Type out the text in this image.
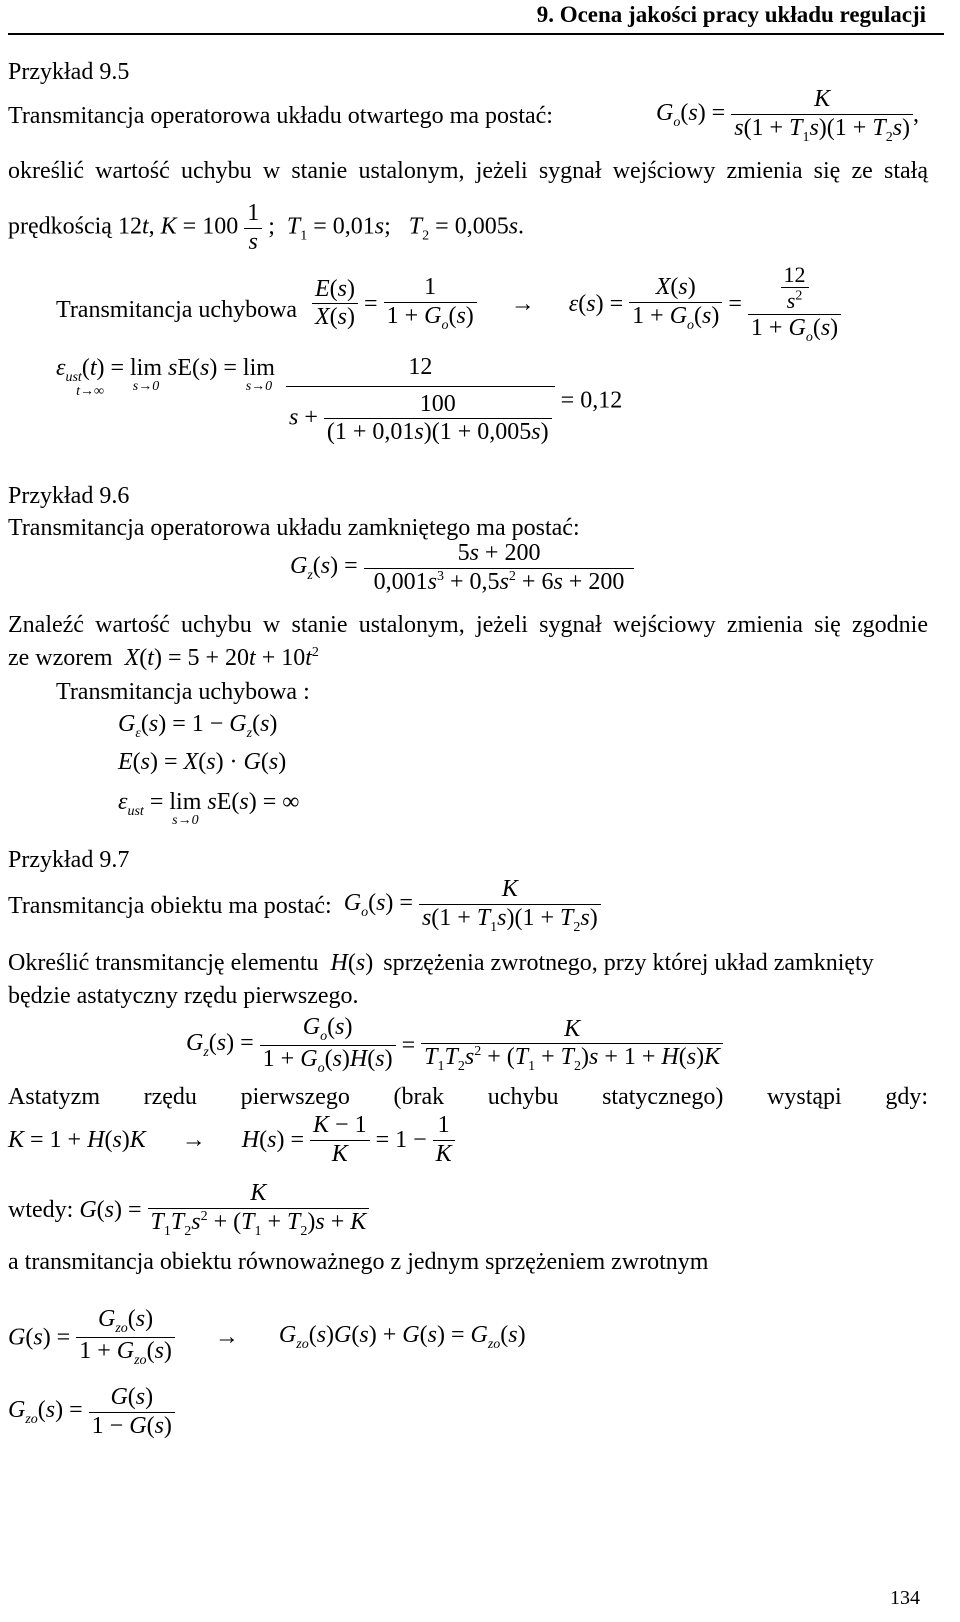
9. Ocena jakości pracy układu regulacji
Przykład 9.5
Transmitancja operatorowa układu otwartego ma postać:	$G_o(s) = \frac{K}{s(1 + T_1s)(1 + T_2s)}$ ,
określić wartość uchybu w stanie ustalonym, jeżeli sygnał wejściowy zmienia się ze stałą
prędkością 12t, $K = 100 \frac{1}{s}$ ;  $T_1 = 0,01s$;   $T_2 = 0,005s$.
Transmitancja uchybowa $\frac{E(s)}{X(s)} = \frac{1}{1 + G_o(s)} \to \varepsilon(s) = \frac{X(s)}{1 + G_o(s)} = \frac{\frac{12}{s^2}}{1 + G_o(s)}$
$\varepsilon_{ust}(t)$ =
t→∞

lim
s→0
sE(s) = lim
$s\to 0 \frac{12}{s + \frac{100}{(1 + 0,01s)(1 + 0,005s)}} = 0,12$
Przykład 9.6
Transmitancja operatorowa układu zamkniętego ma postać:
$G_z(s) = \frac{5s + 200}{0,001s^3 + 0,5s^2 + 6s + 200}$
Znaleźć wartość uchybu w stanie ustalonym, jeżeli sygnał wejściowy zmienia się zgodnie
ze wzorem $X(t) = 5 + 20t + 10t^2$
Transmitancja uchybowa :
$G_\varepsilon(s) = 1 - G_z(s)$
E(s) = X(s) · G(s)
$\varepsilon_{ust} = \lim$
s→0
sE(s) = ∞
Przykład 9.7
Transmitancja obiektu ma postać: $G_o(s) = \frac{K}{s(1 + T_1s)(1 + T_2s)}$
Określić transmitancję elementu H(s) sprzężenia zwrotnego, przy której układ zamknięty
będzie astatyczny rzędu pierwszego.
$G_z(s) = \frac{G_o(s)}{1 + G_o(s)H(s)} = \frac{K}{T_1T_2s^2 + (T_1 + T_2)s + 1 + H(s)K}$
Astatyzm rzędu pierwszego (brak uchybu statycznego) wystąpi gdy:
$K = 1 + H(s)K \to H(s) = \frac{K - 1}{K} = 1 - \frac{1}{K}$
wtedy: $G(s) = \frac{K}{T_1T_2s^2 + (T_1 + T_2)s + K}$
a transmitancja obiektu równoważnego z jednym sprzężeniem zwrotnym
$G(s) = \frac{G_{zo}(s)}{1 + G_{zo}(s)} \to G_{zo}(s)G(s) + G(s) = G_{zo}(s)$
$G_{zo}(s) = \frac{G(s)}{1 - G(s)}$
134
